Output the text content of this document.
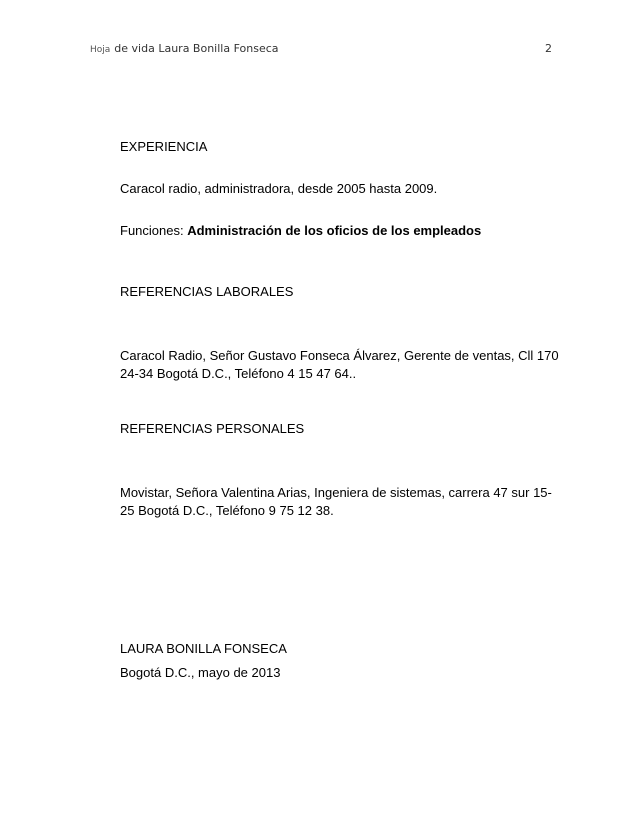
Hoja de vida Laura Bonilla Fonseca	2
EXPERIENCIA
Caracol radio, administradora, desde 2005 hasta 2009.
Funciones: Administración de los oficios de los empleados
REFERENCIAS LABORALES
Caracol Radio, Señor Gustavo Fonseca Álvarez, Gerente de ventas, Cll 170
24-34 Bogotá D.C., Teléfono 4 15 47 64..
REFERENCIAS PERSONALES
Movistar, Señora Valentina Arias, Ingeniera de sistemas, carrera 47 sur 15-
25 Bogotá D.C., Teléfono 9 75 12 38.
LAURA BONILLA FONSECA
Bogotá D.C., mayo de 2013
